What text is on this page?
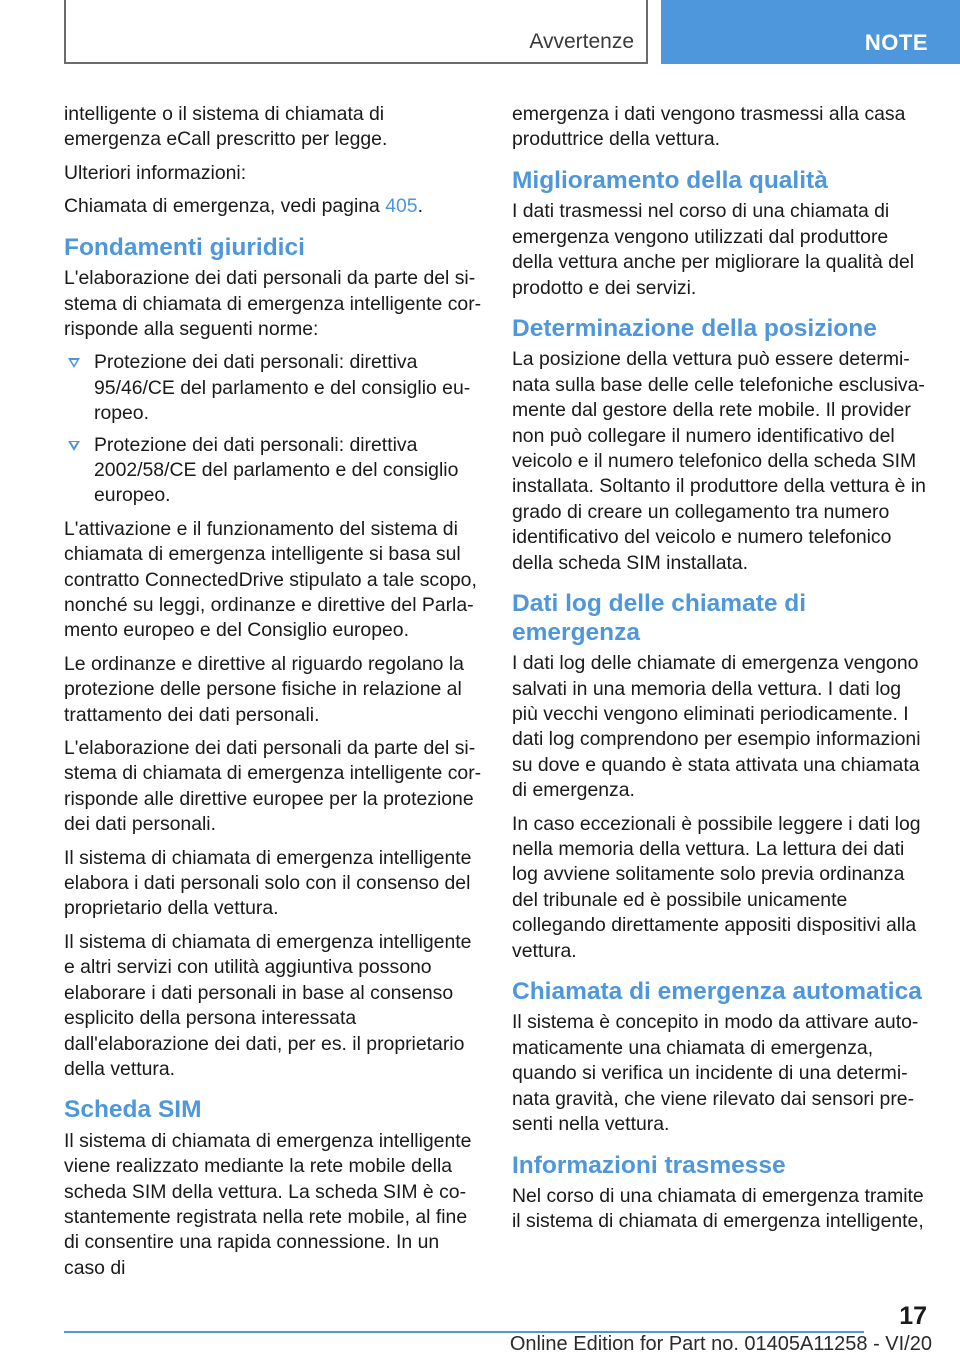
Avvertenze	NOTE

intelligente o il sistema di chiamata di emergenza eCall prescritto per legge.

Ulteriori informazioni:

Chiamata di emergenza, vedi pagina 405.

Fondamenti giuridici

L'elaborazione dei dati personali da parte del sistema di chiamata di emergenza intelligente corrisponde alla seguenti norme:

Protezione dei dati personali: direttiva 95/46/CE del parlamento e del consiglio europeo.
Protezione dei dati personali: direttiva 2002/58/CE del parlamento e del consiglio europeo.

L'attivazione e il funzionamento del sistema di chiamata di emergenza intelligente si basa sul contratto ConnectedDrive stipulato a tale scopo, nonché su leggi, ordinanze e direttive del Parlamento europeo e del Consiglio europeo.

Le ordinanze e direttive al riguardo regolano la protezione delle persone fisiche in relazione al trattamento dei dati personali.

L'elaborazione dei dati personali da parte del sistema di chiamata di emergenza intelligente corrisponde alle direttive europee per la protezione dei dati personali.

Il sistema di chiamata di emergenza intelligente elabora i dati personali solo con il consenso del proprietario della vettura.

Il sistema di chiamata di emergenza intelligente e altri servizi con utilità aggiuntiva possono elaborare i dati personali in base al consenso esplicito della persona interessata dall'elaborazione dei dati, per es. il proprietario della vettura.

Scheda SIM

Il sistema di chiamata di emergenza intelligente viene realizzato mediante la rete mobile della scheda SIM della vettura. La scheda SIM è costantemente registrata nella rete mobile, al fine di consentire una rapida connessione. In un caso di

emergenza i dati vengono trasmessi alla casa produttrice della vettura.

Miglioramento della qualità

I dati trasmessi nel corso di una chiamata di emergenza vengono utilizzati dal produttore della vettura anche per migliorare la qualità del prodotto e dei servizi.

Determinazione della posizione

La posizione della vettura può essere determinata sulla base delle celle telefoniche esclusivamente dal gestore della rete mobile. Il provider non può collegare il numero identificativo del veicolo e il numero telefonico della scheda SIM installata. Soltanto il produttore della vettura è in grado di creare un collegamento tra numero identificativo del veicolo e numero telefonico della scheda SIM installata.

Dati log delle chiamate di emergenza

I dati log delle chiamate di emergenza vengono salvati in una memoria della vettura. I dati log più vecchi vengono eliminati periodicamente. I dati log comprendono per esempio informazioni su dove e quando è stata attivata una chiamata di emergenza.

In caso eccezionali è possibile leggere i dati log nella memoria della vettura. La lettura dei dati log avviene solitamente solo previa ordinanza del tribunale ed è possibile unicamente collegando direttamente appositi dispositivi alla vettura.

Chiamata di emergenza automatica

Il sistema è concepito in modo da attivare automaticamente una chiamata di emergenza, quando si verifica un incidente di una determinata gravità, che viene rilevato dai sensori presenti nella vettura.

Informazioni trasmesse

Nel corso di una chiamata di emergenza tramite il sistema di chiamata di emergenza intelligente,

17
Online Edition for Part no. 01405A11258 - VI/20
